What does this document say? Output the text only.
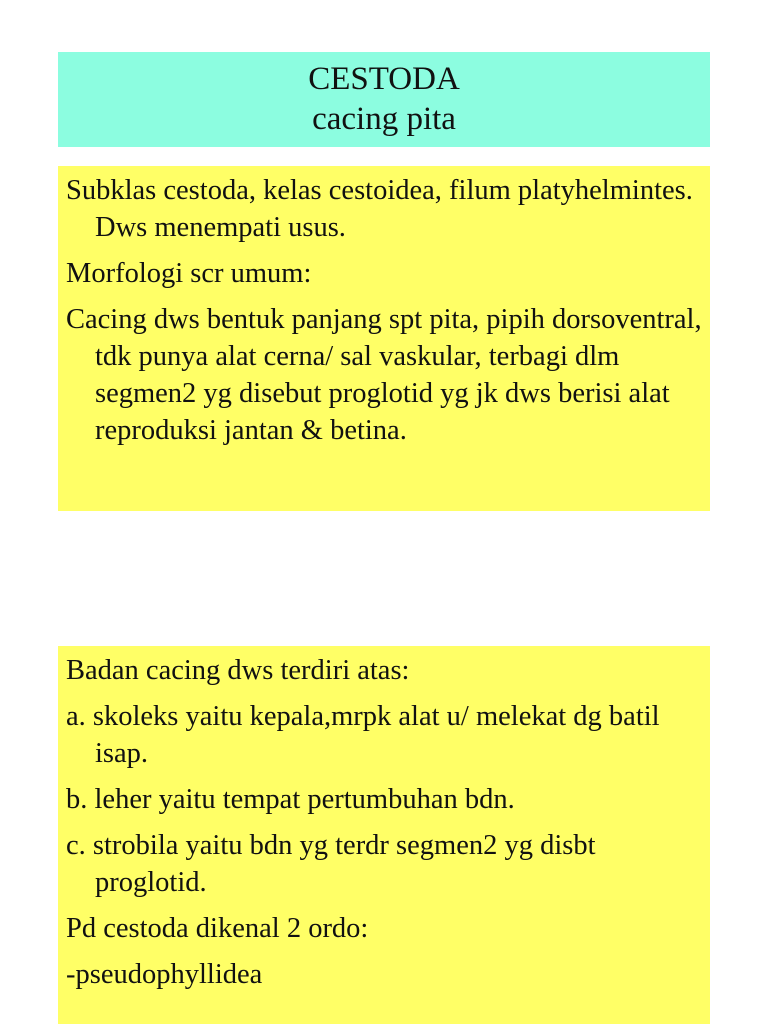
CESTODA
cacing pita

Subklas cestoda, kelas cestoidea, filum platyhelmintes. Dws menempati usus.

Morfologi scr umum:

Cacing dws bentuk panjang spt pita, pipih dorsoventral, tdk punya alat cerna/ sal vaskular, terbagi dlm segmen2 yg disebut proglotid yg jk dws berisi alat reproduksi jantan & betina.

Badan cacing dws terdiri atas:

a. skoleks yaitu kepala,mrpk alat u/ melekat dg batil isap.

b. leher yaitu tempat pertumbuhan bdn.

c. strobila yaitu bdn yg terdr segmen2 yg disbt proglotid.

Pd cestoda dikenal 2 ordo:

-pseudophyllidea
